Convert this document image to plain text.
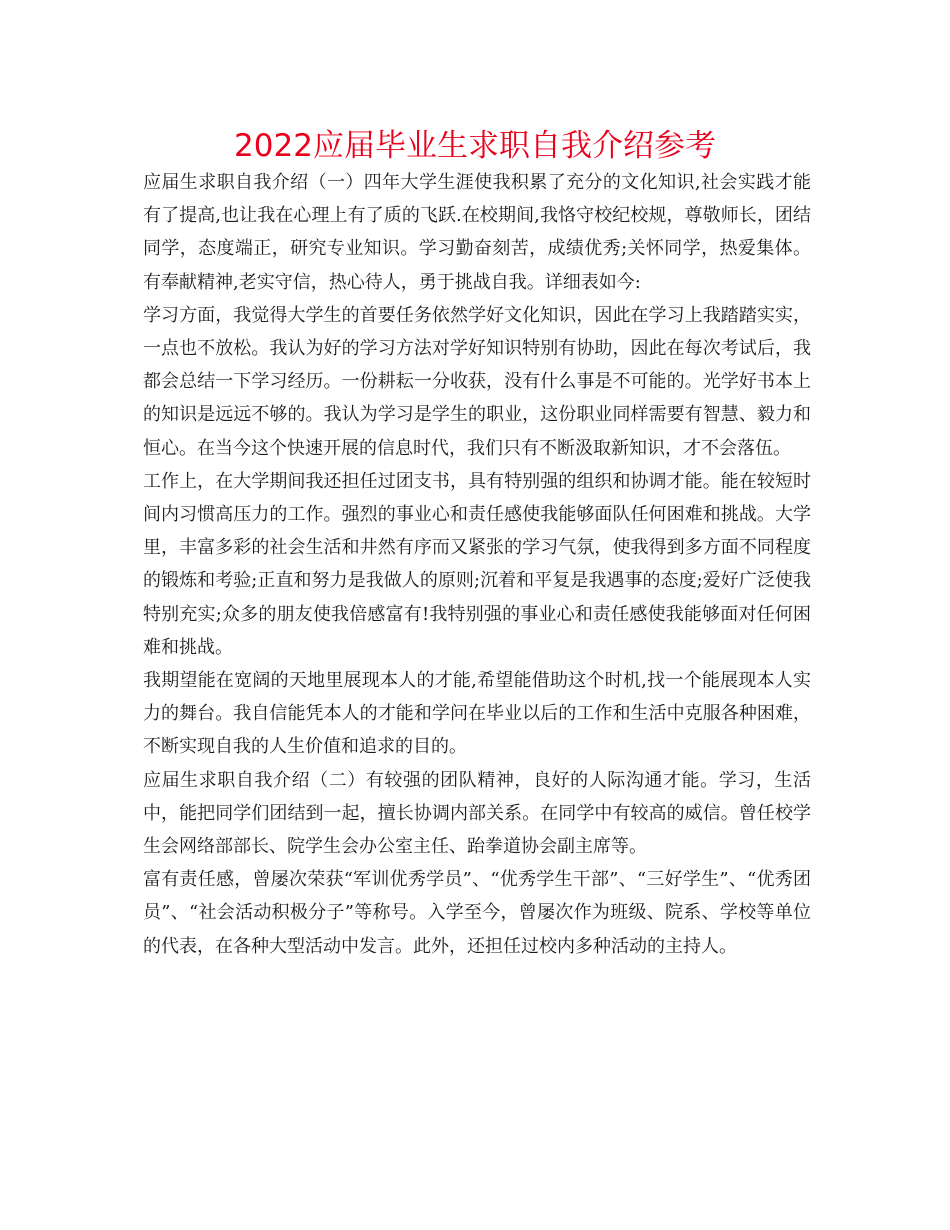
2022应届毕业生求职自我介绍参考

应届生求职自我介绍（一）四年大学生涯使我积累了充分的文化知识,社会实践才能有了提高,也让我在心理上有了质的飞跃.在校期间,我恪守校纪校规，尊敬师长，团结同学，态度端正，研究专业知识。学习勤奋刻苦，成绩优秀;关怀同学，热爱集体。有奉献精神,老实守信，热心待人，勇于挑战自我。详细表如今:

学习方面，我觉得大学生的首要任务依然学好文化知识，因此在学习上我踏踏实实，一点也不放松。我认为好的学习方法对学好知识特别有协助，因此在每次考试后，我都会总结一下学习经历。一份耕耘一分收获，没有什么事是不可能的。光学好书本上的知识是远远不够的。我认为学习是学生的职业，这份职业同样需要有智慧、毅力和恒心。在当今这个快速开展的信息时代，我们只有不断汲取新知识，才不会落伍。

工作上，在大学期间我还担任过团支书，具有特别强的组织和协调才能。能在较短时间内习惯高压力的工作。强烈的事业心和责任感使我能够面队任何困难和挑战。大学里，丰富多彩的社会生活和井然有序而又紧张的学习气氛，使我得到多方面不同程度的锻炼和考验;正直和努力是我做人的原则;沉着和平复是我遇事的态度;爱好广泛使我特别充实;众多的朋友使我倍感富有!我特别强的事业心和责任感使我能够面对任何困难和挑战。

我期望能在宽阔的天地里展现本人的才能,希望能借助这个时机,找一个能展现本人实力的舞台。我自信能凭本人的才能和学问在毕业以后的工作和生活中克服各种困难，不断实现自我的人生价值和追求的目的。

应届生求职自我介绍（二）有较强的团队精神，良好的人际沟通才能。学习，生活中，能把同学们团结到一起，擅长协调内部关系。在同学中有较高的威信。曾任校学生会网络部部长、院学生会办公室主任、跆拳道协会副主席等。

富有责任感，曾屡次荣获“军训优秀学员”、“优秀学生干部”、“三好学生”、“优秀团员”、“社会活动积极分子”等称号。入学至今，曾屡次作为班级、院系、学校等单位的代表，在各种大型活动中发言。此外，还担任过校内多种活动的主持人。
